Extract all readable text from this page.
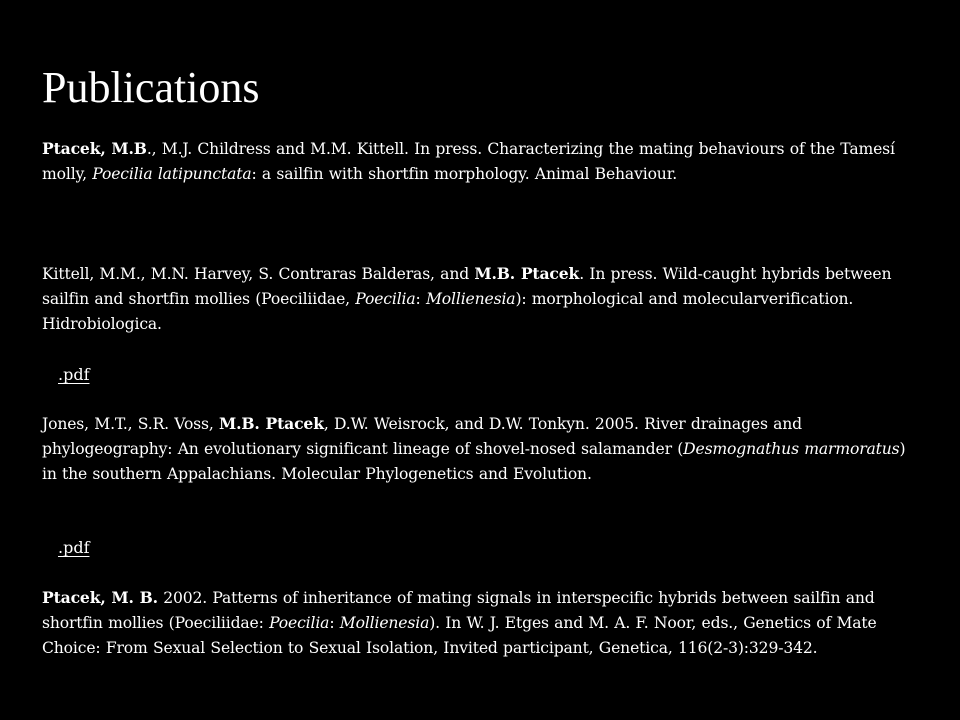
Publications

Ptacek, M.B., M.J. Childress and M.M. Kittell. In press. Characterizing the mating behaviours of the Tamesí molly, Poecilia latipunctata: a sailfin with shortfin morphology. Animal Behaviour.

Kittell, M.M., M.N. Harvey, S. Contraras Balderas, and M.B. Ptacek. In press. Wild-caught hybrids between sailfin and shortfin mollies (Poeciliidae, Poecilia: Mollienesia): morphological and molecularverification. Hidrobiologica.

.pdf

Jones, M.T., S.R. Voss, M.B. Ptacek, D.W. Weisrock, and D.W. Tonkyn. 2005. River drainages and phylogeography: An evolutionary significant lineage of shovel-nosed salamander (Desmognathus marmoratus) in the southern Appalachians. Molecular Phylogenetics and Evolution.

.pdf

Ptacek, M. B. 2002. Patterns of inheritance of mating signals in interspecific hybrids between sailfin and shortfin mollies (Poeciliidae: Poecilia: Mollienesia). In W. J. Etges and M. A. F. Noor, eds., Genetics of Mate Choice: From Sexual Selection to Sexual Isolation, Invited participant, Genetica, 116(2-3):329-342.
